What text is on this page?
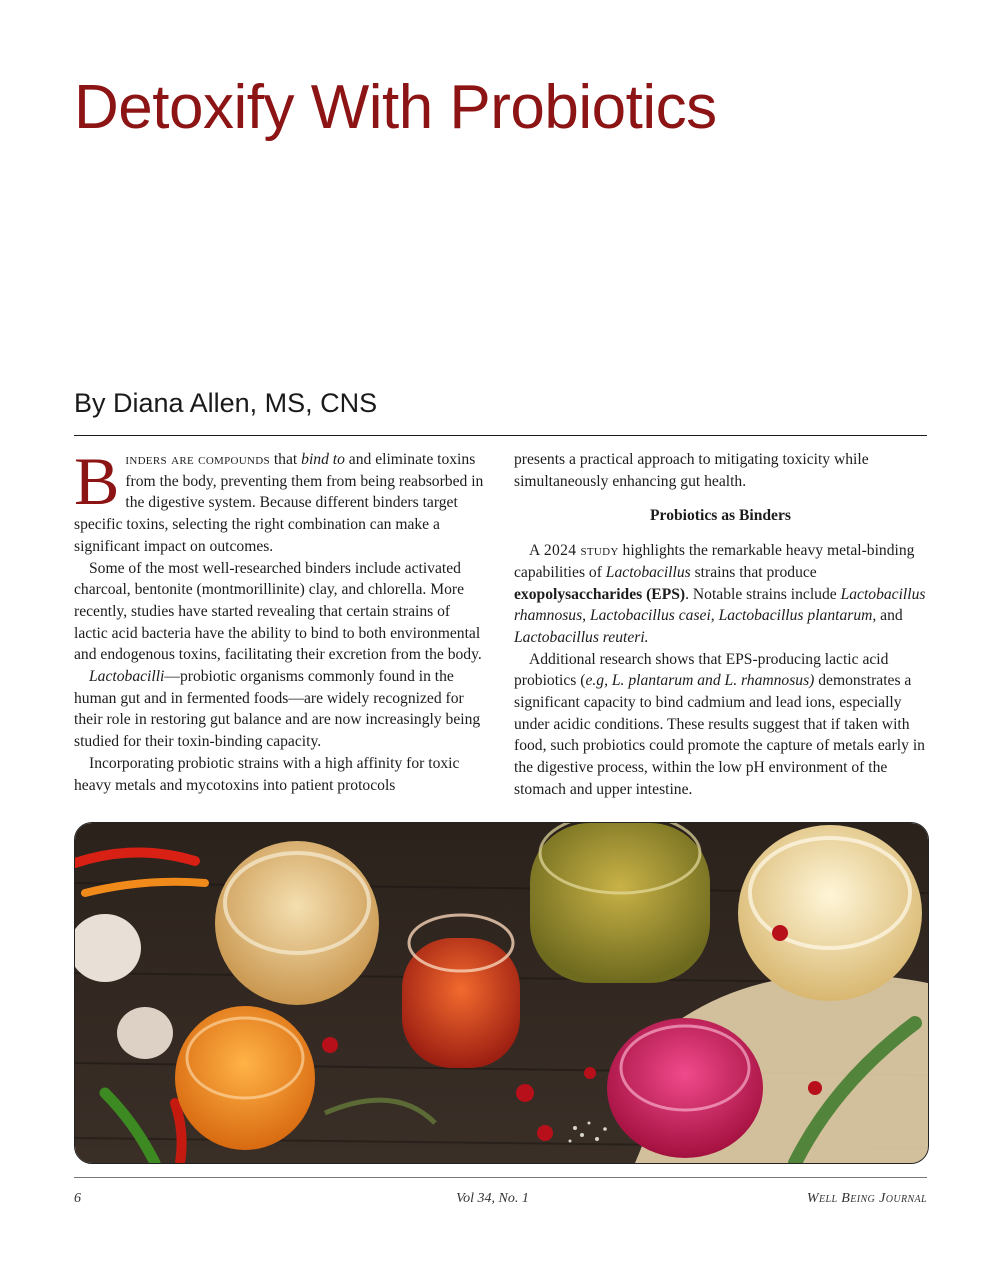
Detoxify With Probiotics
By Diana Allen, MS, CNS

Binders are compounds that bind to and eliminate toxins from the body, preventing them from being reabsorbed in the digestive system. Because different binders target specific toxins, selecting the right combination can make a significant impact on outcomes.

Some of the most well-researched binders include activated charcoal, bentonite (montmorillinite) clay, and chlorella. More recently, studies have started revealing that certain strains of lactic acid bacteria have the ability to bind to both environmental and endogenous toxins, facilitating their excretion from the body.

Lactobacilli—probiotic organisms commonly found in the human gut and in fermented foods—are widely recognized for their role in restoring gut balance and are now increasingly being studied for their toxin-binding capacity.

Incorporating probiotic strains with a high affinity for toxic heavy metals and mycotoxins into patient protocols

presents a practical approach to mitigating toxicity while simultaneously enhancing gut health.

Probiotics as Binders

A 2024 study highlights the remarkable heavy metal-binding capabilities of Lactobacillus strains that produce exopolysaccharides (EPS). Notable strains include Lactobacillus rhamnosus, Lactobacillus casei, Lactobacillus plantarum, and Lactobacillus reuteri.

Additional research shows that EPS-producing lactic acid probiotics (e.g, L. plantarum and L. rhamnosus) demonstrates a significant capacity to bind cadmium and lead ions, especially under acidic conditions. These results suggest that if taken with food, such probiotics could promote the capture of metals early in the digestive process, within the low pH environment of the stomach and upper intestine.

6	Vol 34, No. 1	Well Being Journal
